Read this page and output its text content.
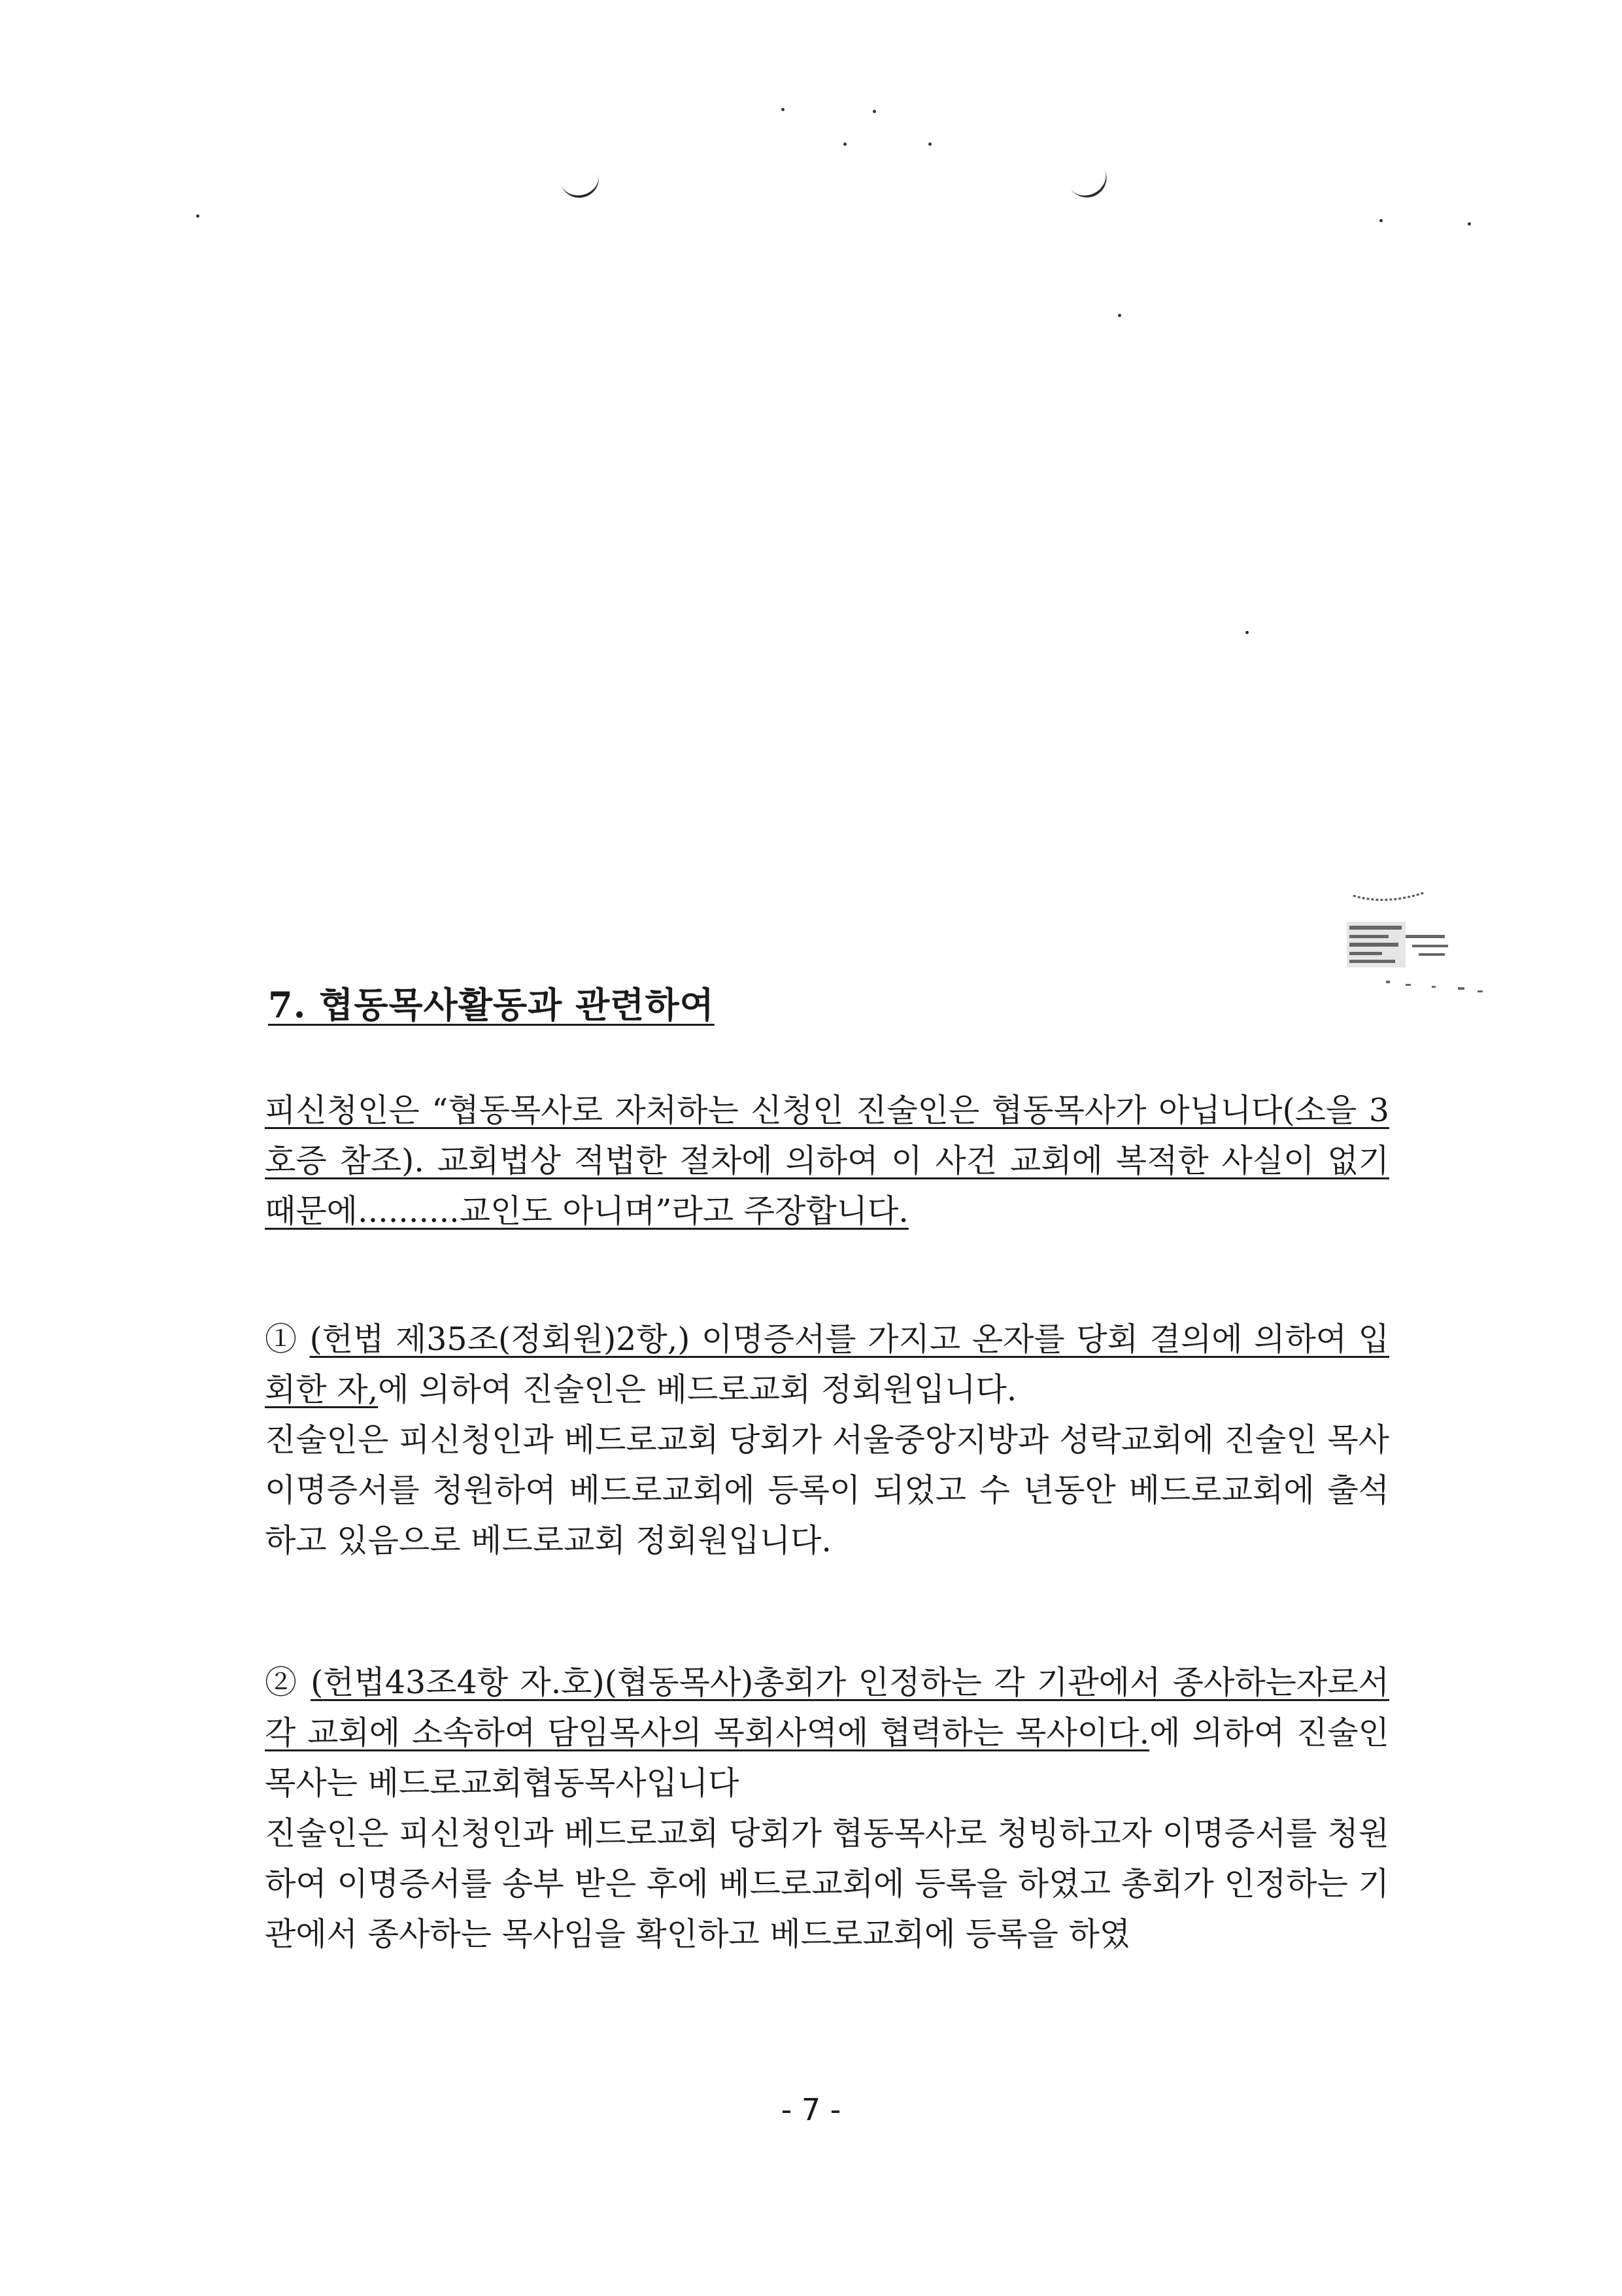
7. 협동목사활동과 관련하여

피신청인은 “협동목사로 자처하는 신청인 진술인은 협동목사가 아닙니다(소을 3호증 참조). 교회법상 적법한 절차에 의하여 이 사건 교회에 복적한 사실이 없기 때문에..........교인도 아니며”라고 주장합니다.

① (헌법 제35조(정회원)2항,) 이명증서를 가지고 온자를 당회 결의에 의하여 입회한 자,에 의하여 진술인은 베드로교회 정회원입니다.

진술인은 피신청인과 베드로교회 당회가 서울중앙지방과 성락교회에 진술인 목사 이명증서를 청원하여 베드로교회에 등록이 되었고 수 년동안 베드로교회에 출석하고 있음으로 베드로교회 정회원입니다.

② (헌법43조4항 자.호)(협동목사)총회가 인정하는 각 기관에서 종사하는자로서 각 교회에 소속하여 담임목사의 목회사역에 협력하는 목사이다.에 의하여 진술인 목사는 베드로교회협동목사입니다

진술인은 피신청인과 베드로교회 당회가 협동목사로 청빙하고자 이명증서를 청원하여 이명증서를 송부 받은 후에 베드로교회에 등록을 하였고 총회가 인정하는 기관에서 종사하는 목사임을 확인하고 베드로교회에 등록을 하였

- 7 -
